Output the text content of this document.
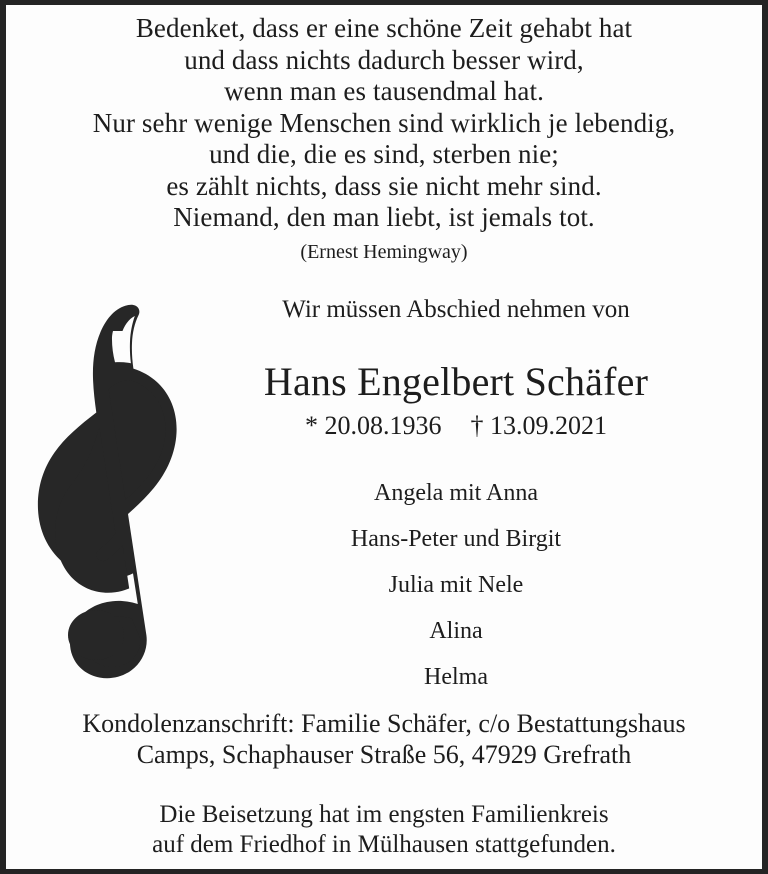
Bedenket, dass er eine schöne Zeit gehabt hat
und dass nichts dadurch besser wird,
wenn man es tausendmal hat.
Nur sehr wenige Menschen sind wirklich je lebendig,
und die, die es sind, sterben nie;
es zählt nichts, dass sie nicht mehr sind.
Niemand, den man liebt, ist jemals tot.
(Ernest Hemingway)
Wir müssen Abschied nehmen von
Hans Engelbert Schäfer
* 20.08.1936 † 13.09.2021
Angela mit Anna
Hans-Peter und Birgit
Julia mit Nele
Alina
Helma
Kondolenzanschrift: Familie Schäfer, c/o Bestattungshaus
Camps, Schaphauser Straße 56, 47929 Grefrath
Die Beisetzung hat im engsten Familienkreis
auf dem Friedhof in Mülhausen stattgefunden.
